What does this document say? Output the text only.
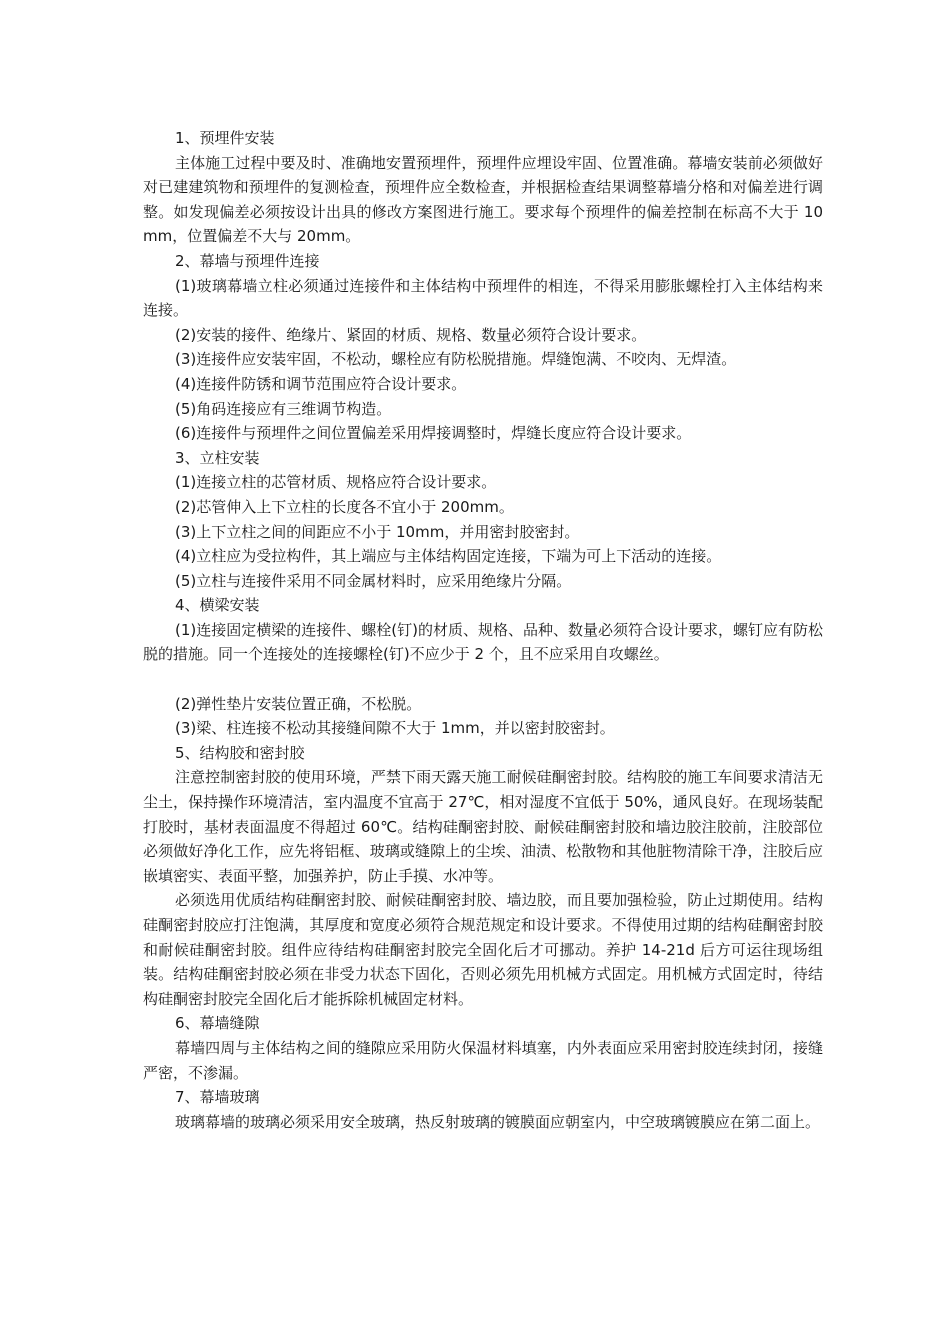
1、预埋件安装

主体施工过程中要及时、准确地安置预埋件，预埋件应埋设牢固、位置准确。幕墙安装前必须做好对已建建筑物和预埋件的复测检查，预埋件应全数检查，并根据检查结果调整幕墙分格和对偏差进行调整。如发现偏差必须按设计出具的修改方案图进行施工。要求每个预埋件的偏差控制在标高不大于 10mm，位置偏差不大与 20mm。

2、幕墙与预埋件连接

(1)玻璃幕墙立柱必须通过连接件和主体结构中预埋件的相连，不得采用膨胀螺栓打入主体结构来连接。

(2)安装的接件、绝缘片、紧固的材质、规格、数量必须符合设计要求。

(3)连接件应安装牢固，不松动，螺栓应有防松脱措施。焊缝饱满、不咬肉、无焊渣。

(4)连接件防锈和调节范围应符合设计要求。

(5)角码连接应有三维调节构造。

(6)连接件与预埋件之间位置偏差采用焊接调整时，焊缝长度应符合设计要求。

3、立柱安装

(1)连接立柱的芯管材质、规格应符合设计要求。

(2)芯管伸入上下立柱的长度各不宜小于 200mm。

(3)上下立柱之间的间距应不小于 10mm，并用密封胶密封。

(4)立柱应为受拉构件，其上端应与主体结构固定连接，下端为可上下活动的连接。

(5)立柱与连接件采用不同金属材料时，应采用绝缘片分隔。

4、横梁安装

(1)连接固定横梁的连接件、螺栓(钉)的材质、规格、品种、数量必须符合设计要求，螺钉应有防松脱的措施。同一个连接处的连接螺栓(钉)不应少于 2 个，且不应采用自攻螺丝。

(2)弹性垫片安装位置正确，不松脱。

(3)梁、柱连接不松动其接缝间隙不大于 1mm，并以密封胶密封。

5、结构胶和密封胶

注意控制密封胶的使用环境，严禁下雨天露天施工耐候硅酮密封胶。结构胶的施工车间要求清洁无尘土，保持操作环境清洁，室内温度不宜高于 27℃，相对湿度不宜低于 50%，通风良好。在现场装配打胶时，基材表面温度不得超过 60℃。结构硅酮密封胶、耐候硅酮密封胶和墙边胶注胶前，注胶部位必须做好净化工作，应先将铝框、玻璃或缝隙上的尘埃、油渍、松散物和其他脏物清除干净，注胶后应嵌填密实、表面平整，加强养护，防止手摸、水冲等。

必须选用优质结构硅酮密封胶、耐候硅酮密封胶、墙边胶，而且要加强检验，防止过期使用。结构硅酮密封胶应打注饱满，其厚度和宽度必须符合规范规定和设计要求。不得使用过期的结构硅酮密封胶和耐候硅酮密封胶。组件应待结构硅酮密封胶完全固化后才可挪动。养护 14-21d 后方可运往现场组装。结构硅酮密封胶必须在非受力状态下固化，否则必须先用机械方式固定。用机械方式固定时，待结构硅酮密封胶完全固化后才能拆除机械固定材料。

6、幕墙缝隙

幕墙四周与主体结构之间的缝隙应采用防火保温材料填塞，内外表面应采用密封胶连续封闭，接缝严密，不渗漏。

7、幕墙玻璃

玻璃幕墙的玻璃必须采用安全玻璃，热反射玻璃的镀膜面应朝室内，中空玻璃镀膜应在第二面上。
